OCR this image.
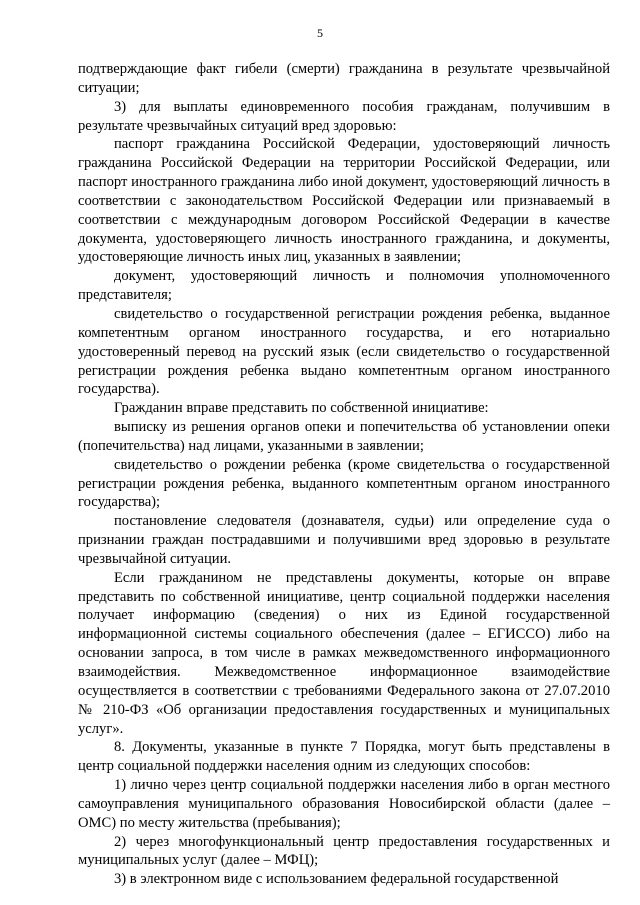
5

подтверждающие факт гибели (смерти) гражданина в результате чрезвычайной ситуации;

3) для выплаты единовременного пособия гражданам, получившим в результате чрезвычайных ситуаций вред здоровью:

паспорт гражданина Российской Федерации, удостоверяющий личность гражданина Российской Федерации на территории Российской Федерации, или паспорт иностранного гражданина либо иной документ, удостоверяющий личность в соответствии с законодательством Российской Федерации или признаваемый в соответствии с международным договором Российской Федерации в качестве документа, удостоверяющего личность иностранного гражданина, и документы, удостоверяющие личность иных лиц, указанных в заявлении;

документ, удостоверяющий личность и полномочия уполномоченного представителя;

свидетельство о государственной регистрации рождения ребенка, выданное компетентным органом иностранного государства, и его нотариально удостоверенный перевод на русский язык (если свидетельство о государственной регистрации рождения ребенка выдано компетентным органом иностранного государства).

Гражданин вправе представить по собственной инициативе:

выписку из решения органов опеки и попечительства об установлении опеки (попечительства) над лицами, указанными в заявлении;

свидетельство о рождении ребенка (кроме свидетельства о государственной регистрации рождения ребенка, выданного компетентным органом иностранного государства);

постановление следователя (дознавателя, судьи) или определение суда о признании граждан пострадавшими и получившими вред здоровью в результате чрезвычайной ситуации.

Если гражданином не представлены документы, которые он вправе представить по собственной инициативе, центр социальной поддержки населения получает информацию (сведения) о них из Единой государственной информационной системы социального обеспечения (далее – ЕГИССО) либо на основании запроса, в том числе в рамках межведомственного информационного взаимодействия. Межведомственное информационное взаимодействие осуществляется в соответствии с требованиями Федерального закона от 27.07.2010 № 210-ФЗ «Об организации предоставления государственных и муниципальных услуг».

8. Документы, указанные в пункте 7 Порядка, могут быть представлены в центр социальной поддержки населения одним из следующих способов:

1) лично через центр социальной поддержки населения либо в орган местного самоуправления муниципального образования Новосибирской области (далее – ОМС) по месту жительства (пребывания);

2) через многофункциональный центр предоставления государственных и муниципальных услуг (далее – МФЦ);

3) в электронном виде с использованием федеральной государственной
